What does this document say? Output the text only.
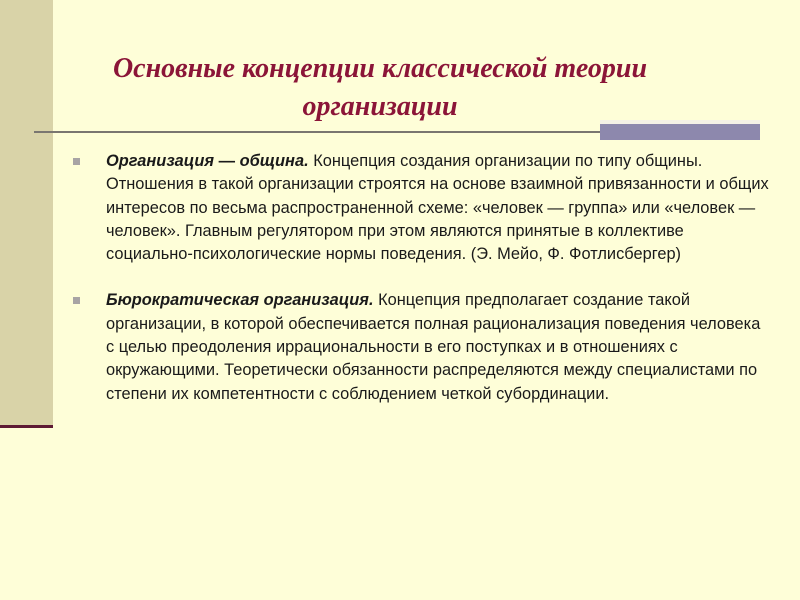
Основные концепции классической теории
организации
Организация — община. Концепция создания организации по типу общины. Отношения в такой организации строятся на основе взаимной привязанности и общих интересов по весьма распространенной схеме: «человек — группа» или «человек — человек». Главным регулятором при этом являются принятые в коллективе социально-психологические нормы поведения. (Э. Мейо, Ф. Фотлисбергер)
Бюрократическая организация. Концепция предполагает создание такой организации, в которой обеспечивается полная рационализация поведения человека с целью преодоления иррациональности в его поступках и в отношениях с окружающими. Теоретически обязанности распределяются между специалистами по степени их компетентности с соблюдением четкой субординации.
